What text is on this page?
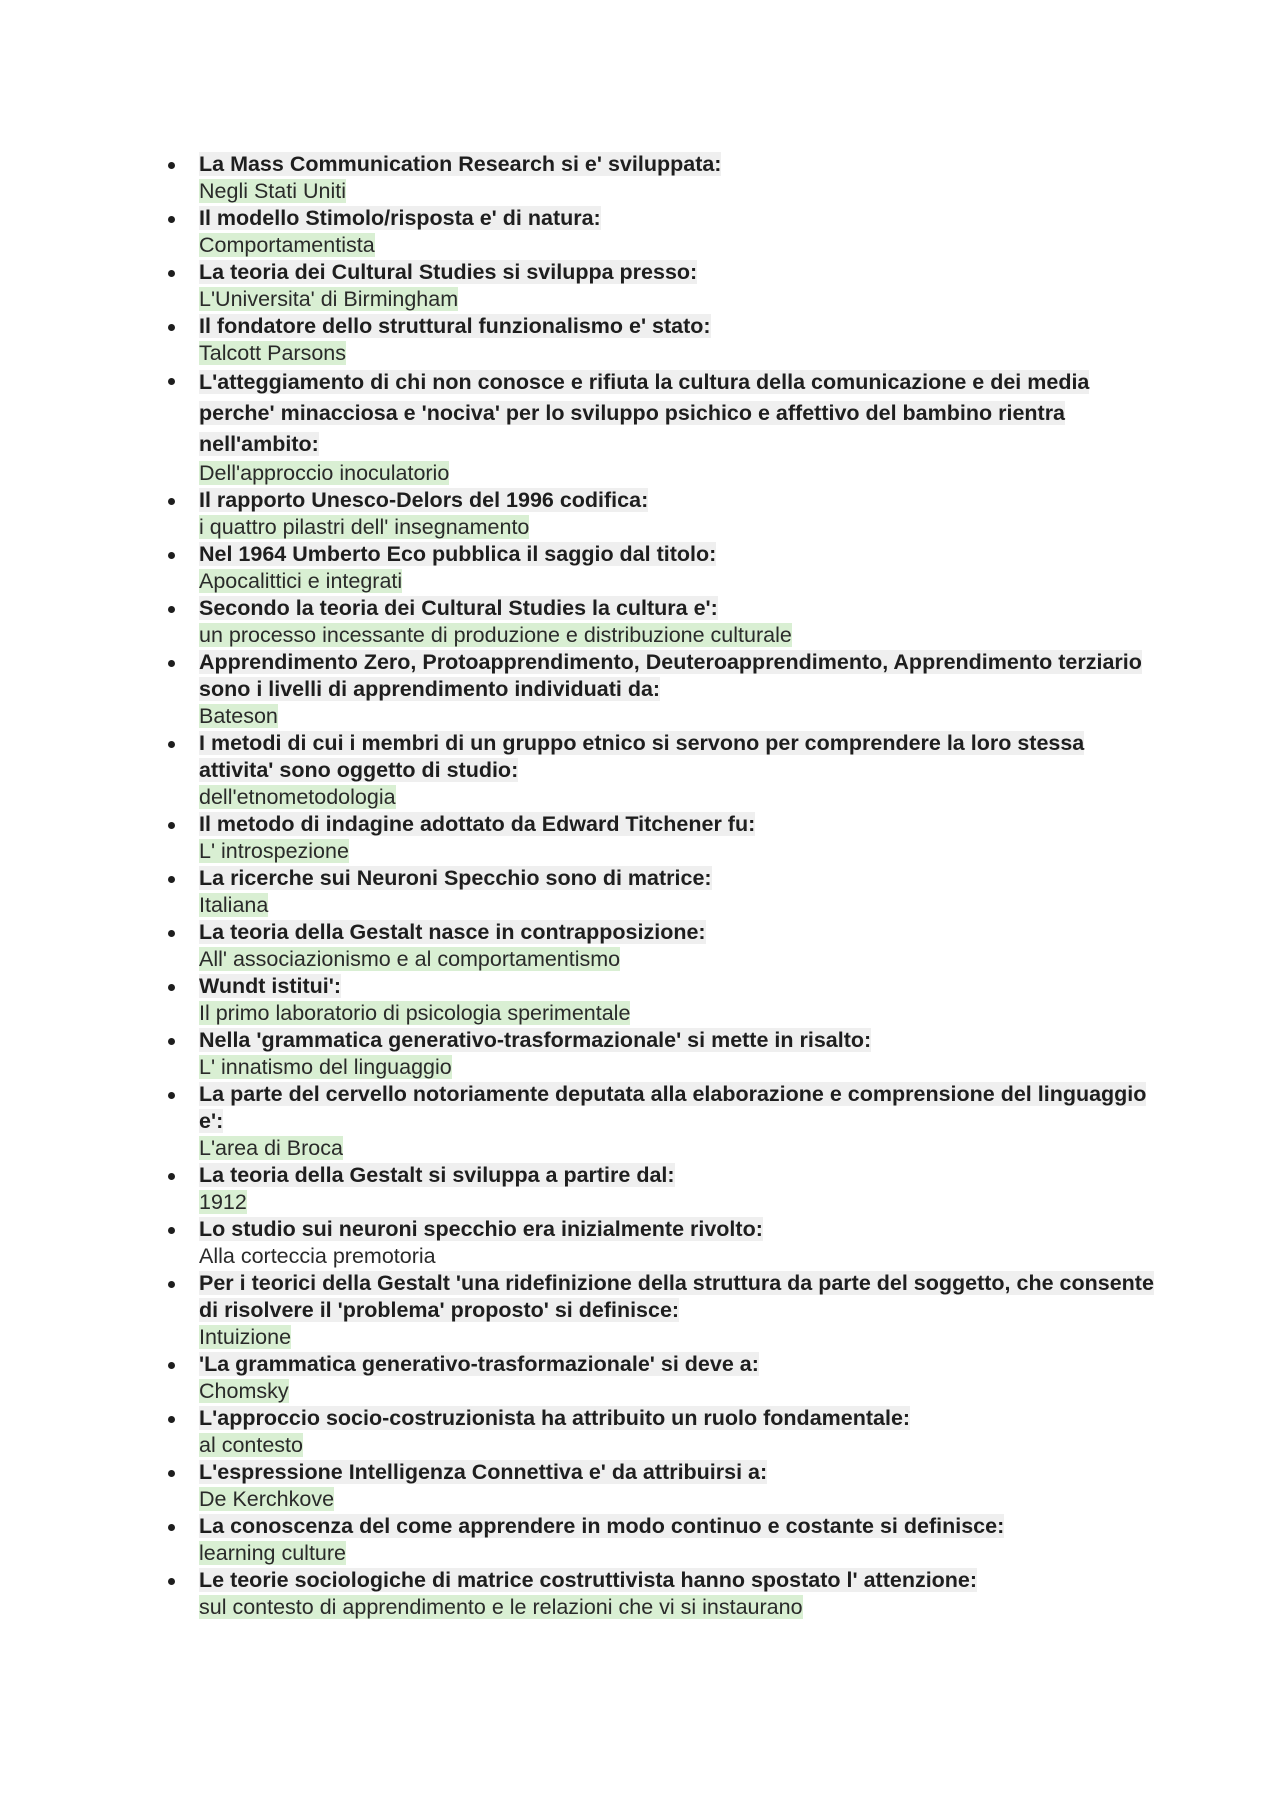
La Mass Communication Research si e' sviluppata:
Negli Stati Uniti
Il modello Stimolo/risposta e' di natura:
Comportamentista
La teoria dei Cultural Studies si sviluppa presso:
L'Universita' di Birmingham
Il fondatore dello struttural funzionalismo e' stato:
Talcott Parsons
L'atteggiamento di chi non conosce e rifiuta la cultura della comunicazione e dei media perche' minacciosa e 'nociva' per lo sviluppo psichico e affettivo del bambino rientra nell'ambito:
Dell'approccio inoculatorio
Il rapporto Unesco-Delors del 1996 codifica:
i quattro pilastri dell' insegnamento
Nel 1964 Umberto Eco pubblica il saggio dal titolo:
Apocalittici e integrati
Secondo la teoria dei Cultural Studies la cultura e':
un processo incessante di produzione e distribuzione culturale
Apprendimento Zero, Protoapprendimento, Deuteroapprendimento, Apprendimento terziario sono i livelli di apprendimento individuati da:
Bateson
I metodi di cui i membri di un gruppo etnico si servono per comprendere la loro stessa attivita' sono oggetto di studio:
dell'etnometodologia
Il metodo di indagine adottato da Edward Titchener fu:
L' introspezione
La ricerche sui Neuroni Specchio sono di matrice:
Italiana
La teoria della Gestalt nasce in contrapposizione:
All' associazionismo e al comportamentismo
Wundt istitui':
Il primo laboratorio di psicologia sperimentale
Nella 'grammatica generativo-trasformazionale' si mette in risalto:
L' innatismo del linguaggio
La parte del cervello notoriamente deputata alla elaborazione e comprensione del linguaggio e':
L'area di Broca
La teoria della Gestalt si sviluppa a partire dal:
1912
Lo studio sui neuroni specchio era inizialmente rivolto:
Alla corteccia premotoria
Per i teorici della Gestalt 'una ridefinizione della struttura da parte del soggetto, che consente di risolvere il 'problema' proposto' si definisce:
Intuizione
'La grammatica generativo-trasformazionale' si deve a:
Chomsky
L'approccio socio-costruzionista ha attribuito un ruolo fondamentale:
al contesto
L'espressione Intelligenza Connettiva e' da attribuirsi a:
De Kerchkove
La conoscenza del come apprendere in modo continuo e costante si definisce:
learning culture
Le teorie sociologiche di matrice costruttivista hanno spostato l' attenzione:
sul contesto di apprendimento e le relazioni che vi si instaurano
